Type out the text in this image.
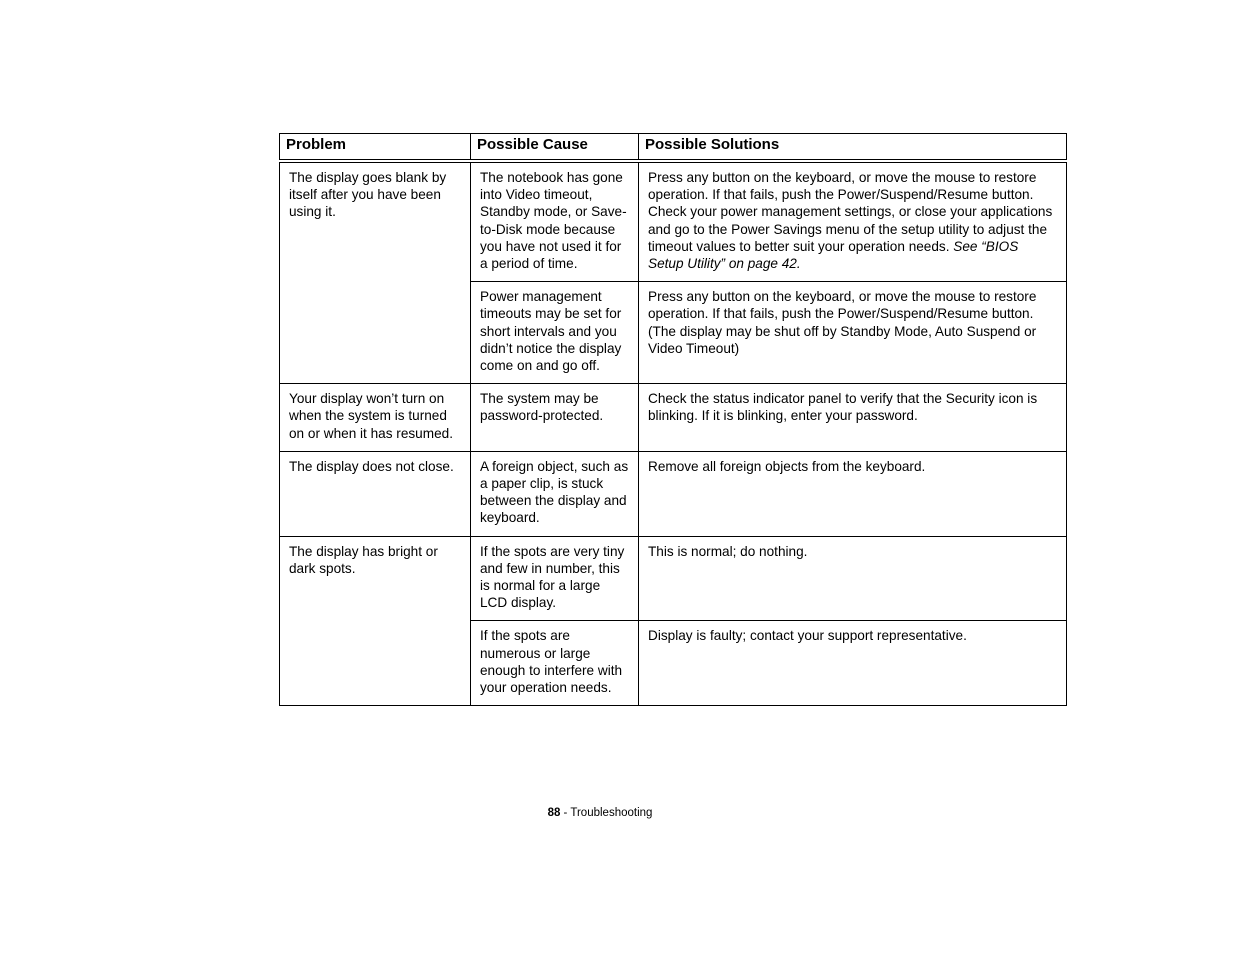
Problem	Possible Cause	Possible Solutions
The display goes blank by itself after you have been using it.	The notebook has gone into Video timeout, Standby mode, or Save-to-Disk mode because you have not used it for a period of time.	Press any button on the keyboard, or move the mouse to restore operation. If that fails, push the Power/Suspend/Resume button. Check your power management settings, or close your applications and go to the Power Savings menu of the setup utility to adjust the timeout values to better suit your operation needs. See “BIOS Setup Utility” on page 42.
	Power management timeouts may be set for short intervals and you didn’t notice the display come on and go off.	Press any button on the keyboard, or move the mouse to restore operation. If that fails, push the Power/Suspend/Resume button. (The display may be shut off by Standby Mode, Auto Suspend or Video Timeout)
Your display won’t turn on when the system is turned on or when it has resumed.	The system may be password-protected.	Check the status indicator panel to verify that the Security icon is blinking. If it is blinking, enter your password.
The display does not close.	A foreign object, such as a paper clip, is stuck between the display and keyboard.	Remove all foreign objects from the keyboard.
The display has bright or dark spots.	If the spots are very tiny and few in number, this is normal for a large LCD display.	This is normal; do nothing.
	If the spots are numerous or large enough to interfere with your operation needs.	Display is faulty; contact your support representative.
88 - Troubleshooting
